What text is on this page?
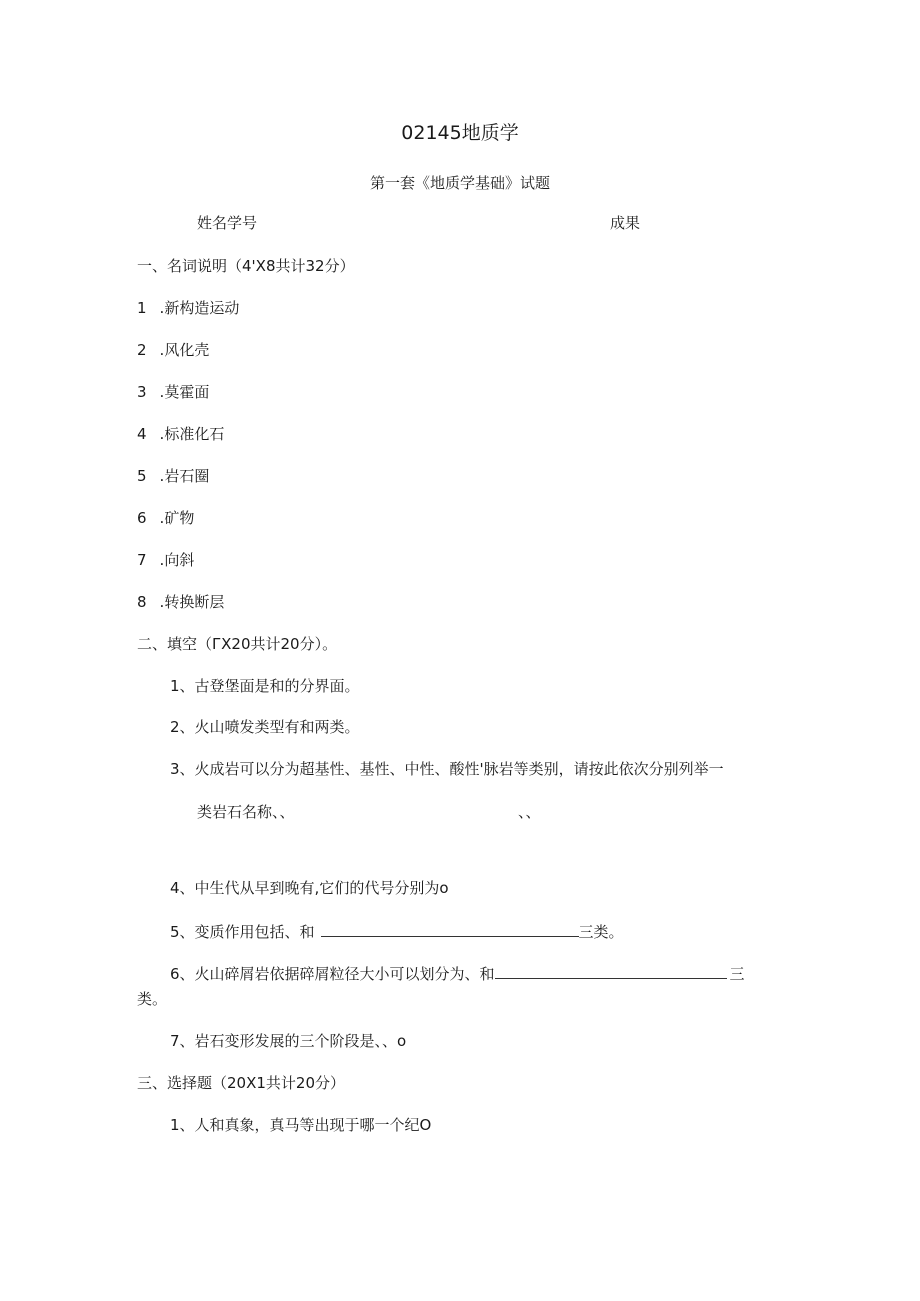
02145地质学
第一套《地质学基础》试题
姓名学号	成果
一、名词说明（4'X8共计32分）
1 .新构造运动
2 .风化壳
3 .莫霍面
4 .标准化石
5 .岩石圈
6 .矿物
7 .向斜
8 .转换断层
二、填空（ГX20共计20分）。
1、古登堡面是和的分界面。
2、火山喷发类型有和两类。
3、火成岩可以分为超基性、基性、中性、酸性'脉岩等类别，请按此依次分别列举一
类岩石名称、、	、、
4、中生代从早到晚有,它们的代号分别为o
5、变质作用包括、和	三类。
6、火山碎屑岩依据碎屑粒径大小可以划分为、和	三
类。
7、岩石变形发展的三个阶段是、、o
三、选择题（20X1共计20分）
1、人和真象，真马等出现于哪一个纪O
